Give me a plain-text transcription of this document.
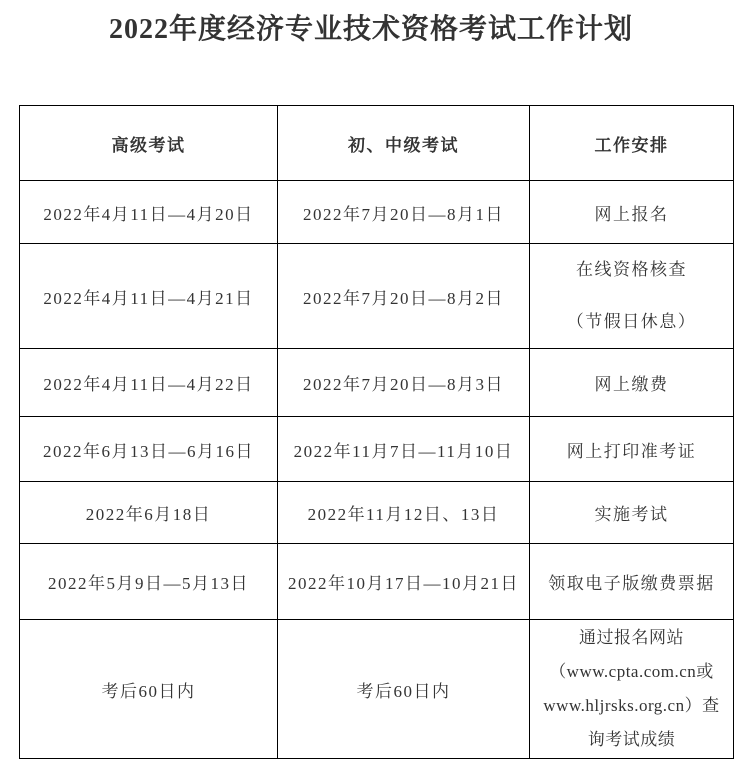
2022年度经济专业技术资格考试工作计划
高级考试	初、中级考试	工作安排
2022年4月11日—4月20日	2022年7月20日—8月1日	网上报名
2022年4月11日—4月21日	2022年7月20日—8月2日	在线资格核查
（节假日休息）

2022年4月11日—4月22日	2022年7月20日—8月3日	网上缴费
2022年6月13日—6月16日	2022年11月7日—11月10日	网上打印准考证
2022年6月18日	2022年11月12日、13日	实施考试
2022年5月9日—5月13日	2022年10月17日—10月21日	领取电子版缴费票据
考后60日内	考后60日内	通过报名网站
（www.cpta.com.cn或
www.hljrsks.org.cn）查
询考试成绩
